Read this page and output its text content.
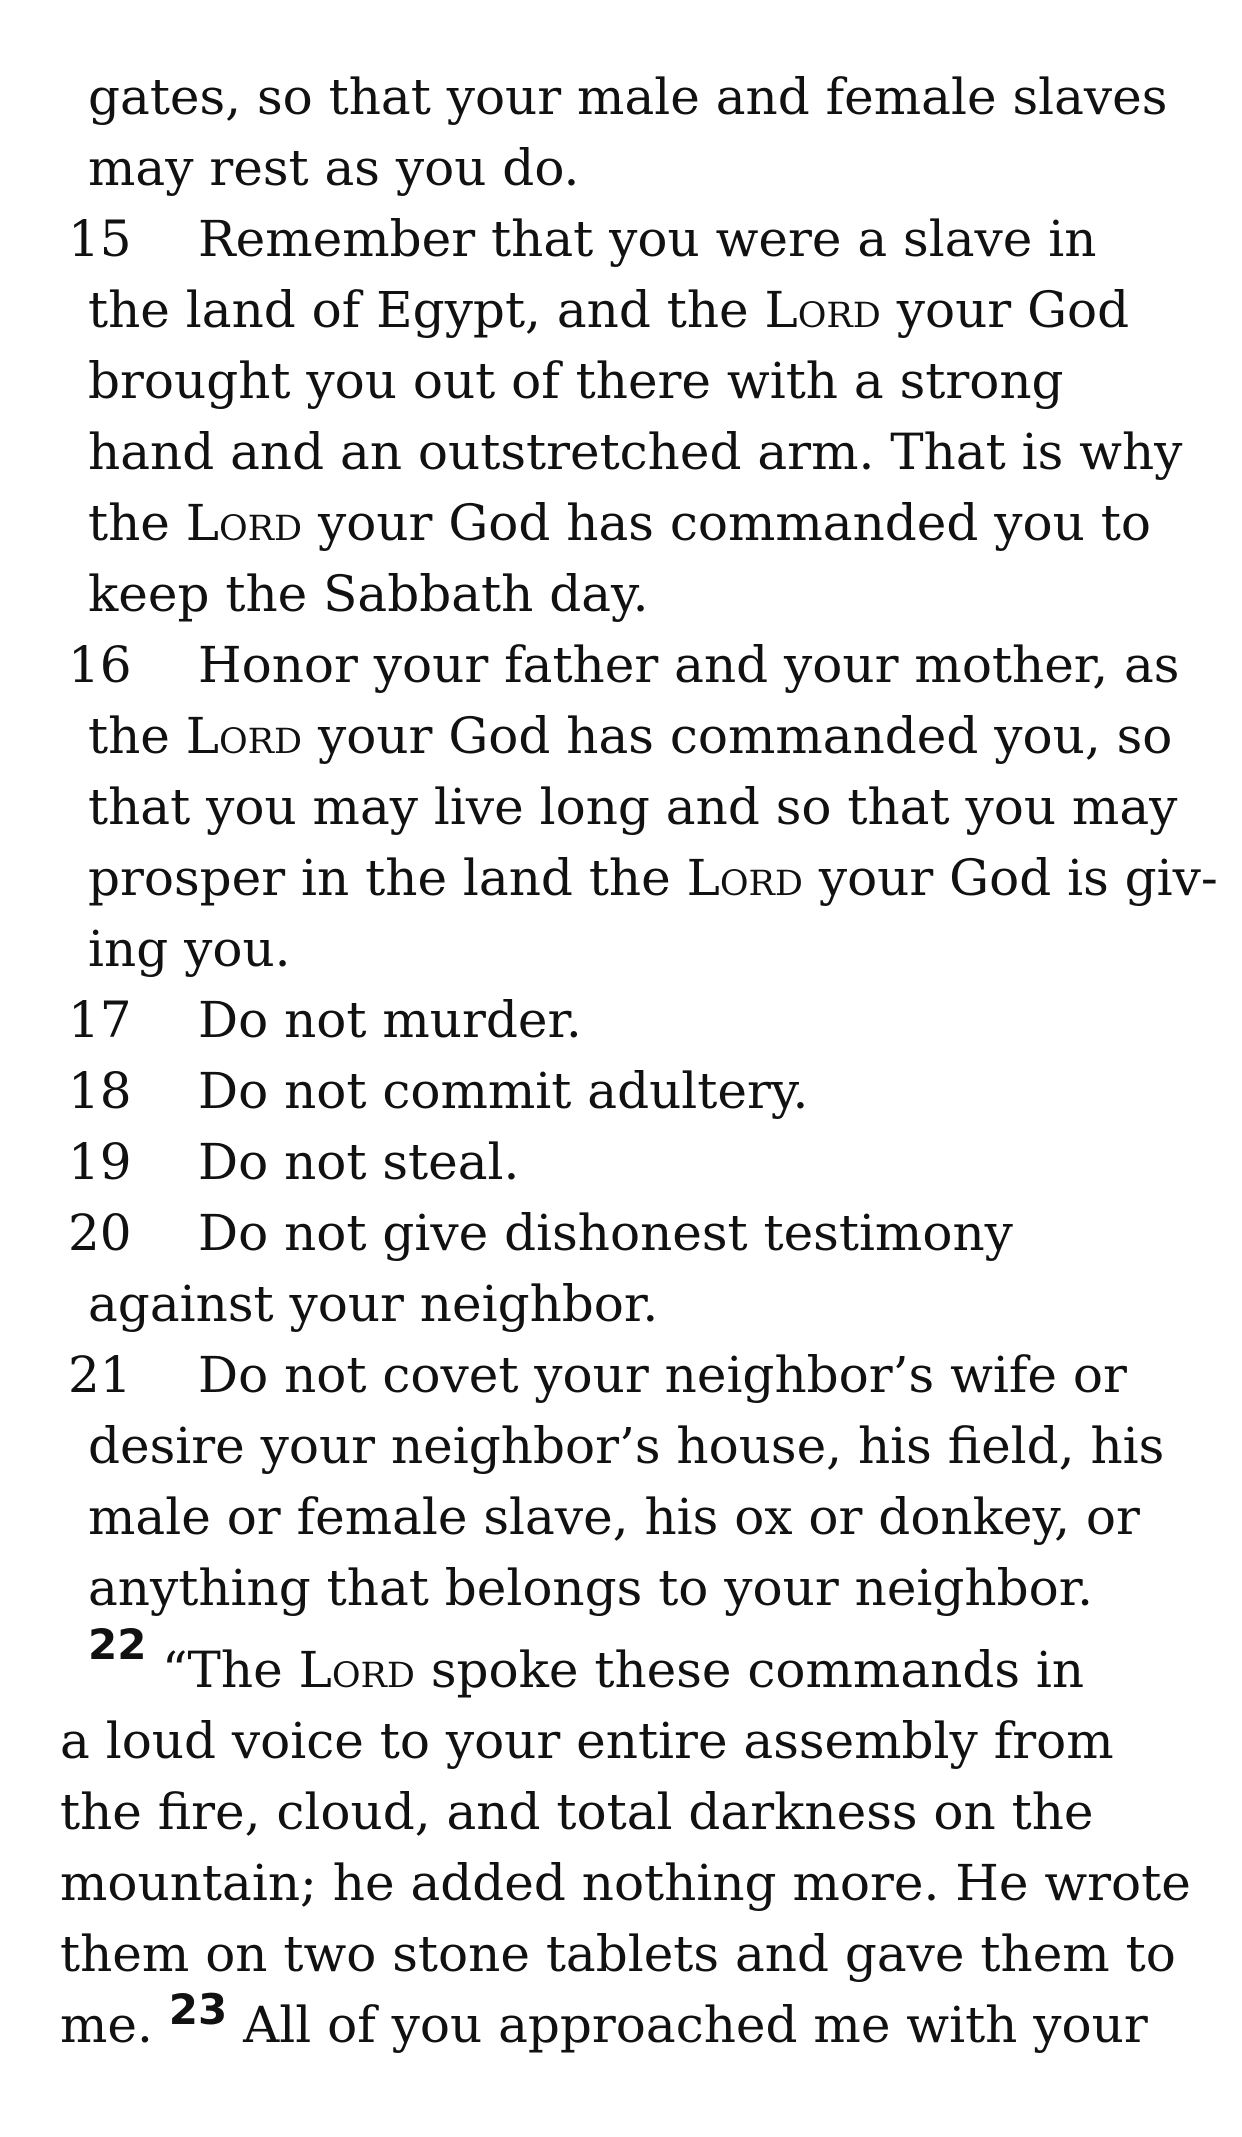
gates, so that your male and female slaves
may rest as you do.
15	Remember that you were a slave in
the land of Egypt, and the Lord your God
brought you out of there with a strong
hand and an outstretched arm. That is why
the Lord your God has commanded you to
keep the Sabbath day.
16	Honor your father and your mother, as
the Lord your God has commanded you, so
that you may live long and so that you may
prosper in the land the Lord your God is giv-
ing you.
17	Do not murder.
18	Do not commit adultery.
19	Do not steal.
20	Do not give dishonest testimony
against your neighbor.
21	Do not covet your neighbor’s wife or
desire your neighbor’s house, his field, his
male or female slave, his ox or donkey, or
anything that belongs to your neighbor.
22 “The Lord spoke these commands in
a loud voice to your entire assembly from
the fire, cloud, and total darkness on the
mountain; he added nothing more. He wrote
them on two stone tablets and gave them to
me. $^{23}$ All of you approached me with your
